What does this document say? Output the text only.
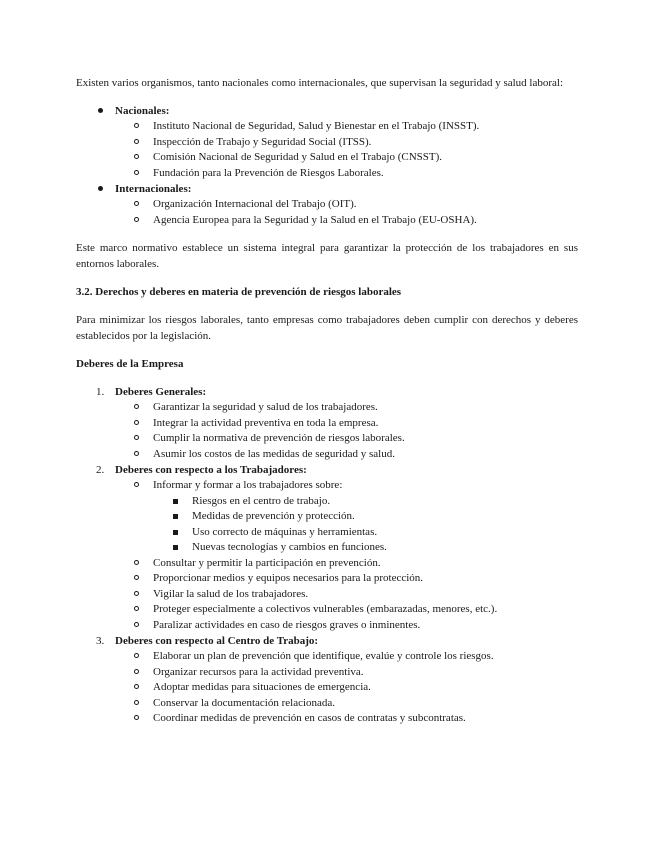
Existen varios organismos, tanto nacionales como internacionales, que supervisan la seguridad y salud laboral:

Nacionales:
Instituto Nacional de Seguridad, Salud y Bienestar en el Trabajo (INSST).
Inspección de Trabajo y Seguridad Social (ITSS).
Comisión Nacional de Seguridad y Salud en el Trabajo (CNSST).
Fundación para la Prevención de Riesgos Laborales.
Internacionales:
Organización Internacional del Trabajo (OIT).
Agencia Europea para la Seguridad y la Salud en el Trabajo (EU-OSHA).

Este marco normativo establece un sistema integral para garantizar la protección de los trabajadores en sus entornos laborales.

3.2. Derechos y deberes en materia de prevención de riesgos laborales

Para minimizar los riesgos laborales, tanto empresas como trabajadores deben cumplir con derechos y deberes establecidos por la legislación.

Deberes de la Empresa
1. Deberes Generales:
Garantizar la seguridad y salud de los trabajadores.
Integrar la actividad preventiva en toda la empresa.
Cumplir la normativa de prevención de riesgos laborales.
Asumir los costos de las medidas de seguridad y salud.
2. Deberes con respecto a los Trabajadores:
Informar y formar a los trabajadores sobre:
Riesgos en el centro de trabajo.
Medidas de prevención y protección.
Uso correcto de máquinas y herramientas.
Nuevas tecnologías y cambios en funciones.
Consultar y permitir la participación en prevención.
Proporcionar medios y equipos necesarios para la protección.
Vigilar la salud de los trabajadores.
Proteger especialmente a colectivos vulnerables (embarazadas, menores, etc.).
Paralizar actividades en caso de riesgos graves o inminentes.
3. Deberes con respecto al Centro de Trabajo:
Elaborar un plan de prevención que identifique, evalúe y controle los riesgos.
Organizar recursos para la actividad preventiva.
Adoptar medidas para situaciones de emergencia.
Conservar la documentación relacionada.
Coordinar medidas de prevención en casos de contratas y subcontratas.
